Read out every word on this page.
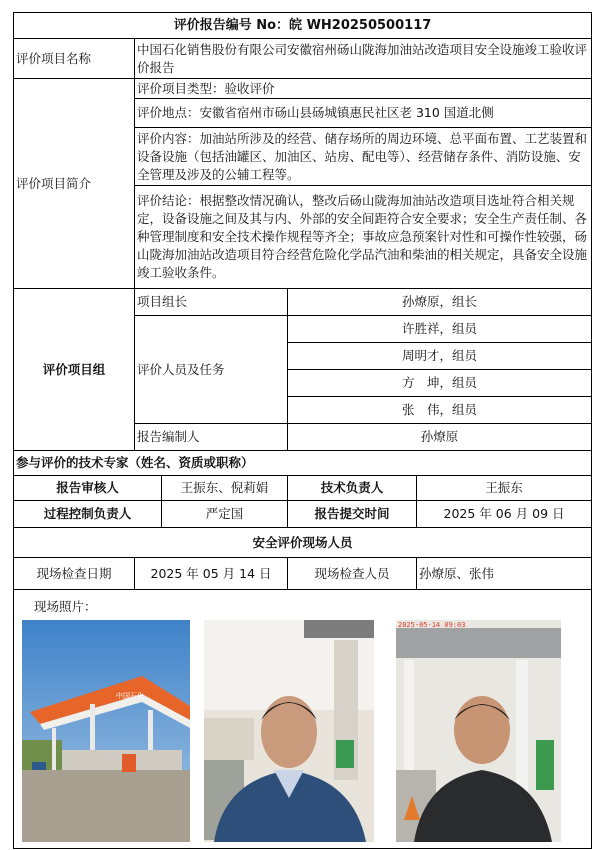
评价报告编号 No：皖 WH20250500117				
评价项目名称	中国石化销售股份有限公司安徽宿州砀山陇海加油站改造项目安全设施竣工验收评价报告			
评价项目简介	评价项目类型：验收评价			
	评价地点：安徽省宿州市砀山县砀城镇惠民社区老 310 国道北侧			
	评价内容：加油站所涉及的经营、储存场所的周边环境、总平面布置、工艺装置和设备设施（包括油罐区、加油区、站房、配电等）、经营储存条件、消防设施、安全管理及涉及的公辅工程等。			
	评价结论：根据整改情况确认，整改后砀山陇海加油站改造项目选址符合相关规定，设备设施之间及其与内、外部的安全间距符合安全要求；安全生产责任制、各种管理制度和安全技术操作规程等齐全；事故应急预案针对性和可操作性较强，砀山陇海加油站改造项目符合经营危险化学品汽油和柴油的相关规定，具备安全设施竣工验收条件。			
评价项目组	项目组长		孙燎原，组长	
	评价人员及任务		许胜祥，组员	
			周明才，组员	
			方　坤，组员	
			张　伟，组员	
	报告编制人		孙燎原	
参与评价的技术专家（姓名、资质或职称）				
报告审核人		王振东、倪莉娟	技术负责人	王振东
过程控制负责人		严定国	报告提交时间	2025 年 06 月 09 日
安全评价现场人员				
现场检查日期	2025 年 05 月 14 日		现场检查人员	孙燎原、张伟

现场照片：
中国石化
2025-05-14 09:03				
